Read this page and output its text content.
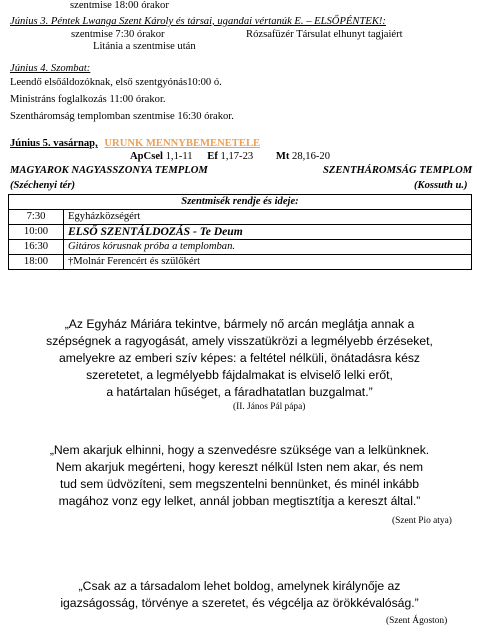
szentmise 18:00 órakor
Június 3. Péntek Lwanga Szent Károly és társai, ugandai vértanúk E. – ELSŐPÉNTEK!:
szentmise 7:30 órakor	Rózsafüzér Társulat elhunyt tagjaiért
Litánia a szentmise után
Június 4. Szombat:
Leendő elsőáldozóknak, első szentgyónás10:00 ó.
Ministráns foglalkozás 11:00 órakor.
Szentháromság templomban szentmise 16:30 órakor.
Június 5. vasárnap, URUNK MENNYBEMENETELE
ApCsel 1,1-11 Ef 1,17-23 Mt 28,16-20
MAGYAROK NAGYASSZONYA TEMPLOM	SZENTHÁROMSÁG TEMPLOM
(Széchenyi tér)	(Kossuth u.)
Szentmisék rendje és ideje:	
7:30	Egyházközségért
10:00	ELSŐ SZENTÁLDOZÁS - Te Deum
16:30	Gitáros kórusnak próba a templomban.
18:00	†Molnár Ferencért és szülőkért
„Az Egyház Máriára tekintve, bármely nő arcán meglátja annak a
szépségnek a ragyogását, amely visszatükrözi a legmélyebb érzéseket,
amelyekre az emberi szív képes: a feltétel nélküli, önátadásra kész
szeretetet, a legmélyebb fájdalmakat is elviselő lelki erőt,
a határtalan hűséget, a fáradhatatlan buzgalmat.”
(II. János Pál pápa)
„Nem akarjuk elhinni, hogy a szenvedésre szüksége van a lelkünknek.
Nem akarjuk megérteni, hogy kereszt nélkül Isten nem akar, és nem
tud sem üdvözíteni, sem megszentelni bennünket, és minél inkább
magához vonz egy lelket, annál jobban megtisztítja a kereszt által.”
(Szent Pio atya)
„Csak az a társadalom lehet boldog, amelynek királynője az
igazságosság, törvénye a szeretet, és végcélja az örökkévalóság.”
(Szent Ágoston)
